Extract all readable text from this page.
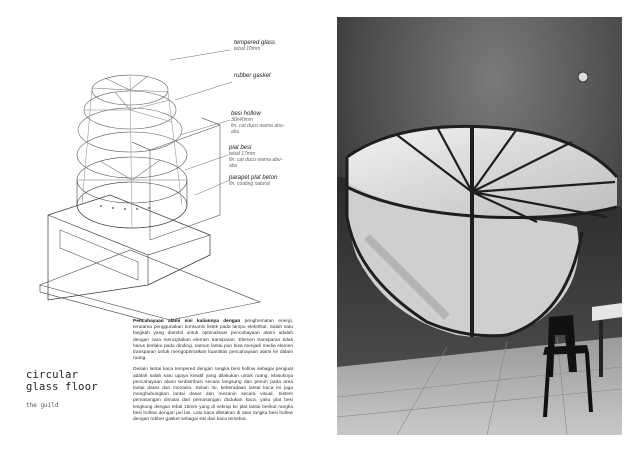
tempered glass
tebal 10mm
rubber gasket
besi hollow
30x40mm
fin. cat duco warna abu-
abu
plat besi
tebal 17mm
fin. cat duco warna abu-
abu
parapet plat beton
fin. coating natural
circular
glass floor
the guild

Pencahayaan alami sisi kaliannya dengan penghematan energi, terutama penggunakan konsumsi listrik pada lampu elektrikal. Salah satu langkah yang diambil untuk optimalisasi pencahayaan alami adalah dengan cara menciptakan elemen transparan. Elemen transparan tidak harus berlaku pada dinding, namun lantai pun bisa menjadi media elemen transparan untuk mengoptimalkan kuantitas pencahayaan alami ke dalam ruang.

Desain lantai kaca tempered dengan rangka besi hollow sebagai penguat adalah salah satu upaya kreatif yang dilakukan untuk ruang. Masuknya pencahayaan alami terdistribusi secara langsung dan penuh pada area lantai dasar dan mezanin. Selain itu, keberadaan lantai kaca ini juga menghubungkan lantai dasar dan mezanin secara visual. Sistem pemasangan dimulai dari pemasangan dudukan kaca, yaitu plat besi lengkung dengan tebal 15mm yang di sekrup ke plat lantai berikut rangka besi hollow dengan jari las. Lalu kaca diletakan di atas rangka besi hollow dengan rubber gasket sebagai sisi dari kaca tersebut.
